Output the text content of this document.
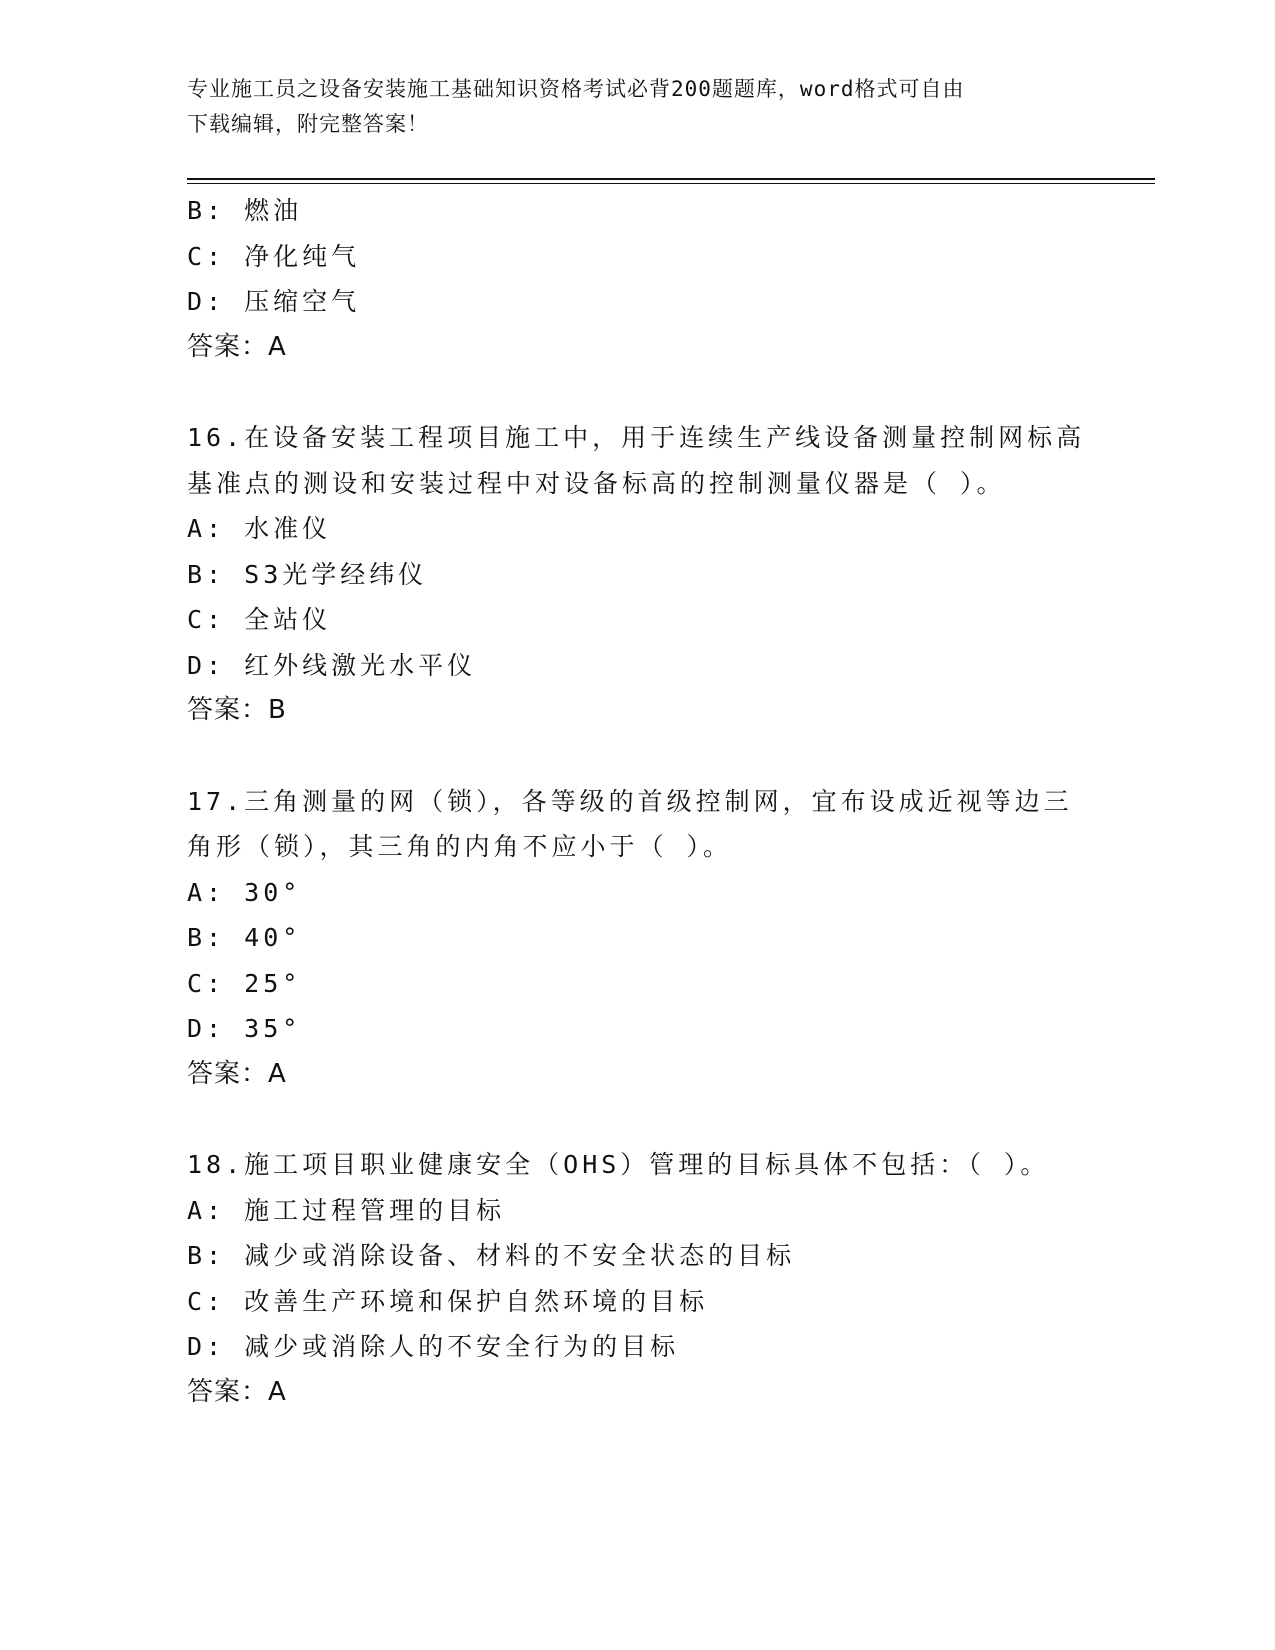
专业施工员之设备安装施工基础知识资格考试必背200题题库，word格式可自由
下载编辑，附完整答案！
B: 燃油
C: 净化纯气
D: 压缩空气
答案：A
16.在设备安装工程项目施工中，用于连续生产线设备测量控制网标高
基准点的测设和安装过程中对设备标高的控制测量仪器是（ ）。
A: 水准仪
B: S3光学经纬仪
C: 全站仪
D: 红外线激光水平仪
答案：B
17.三角测量的网（锁），各等级的首级控制网，宜布设成近视等边三
角形（锁），其三角的内角不应小于（ ）。
A: 30°
B: 40°
C: 25°
D: 35°
答案：A
18.施工项目职业健康安全（OHS）管理的目标具体不包括：（ ）。
A: 施工过程管理的目标
B: 减少或消除设备、材料的不安全状态的目标
C: 改善生产环境和保护自然环境的目标
D: 减少或消除人的不安全行为的目标
答案：A
